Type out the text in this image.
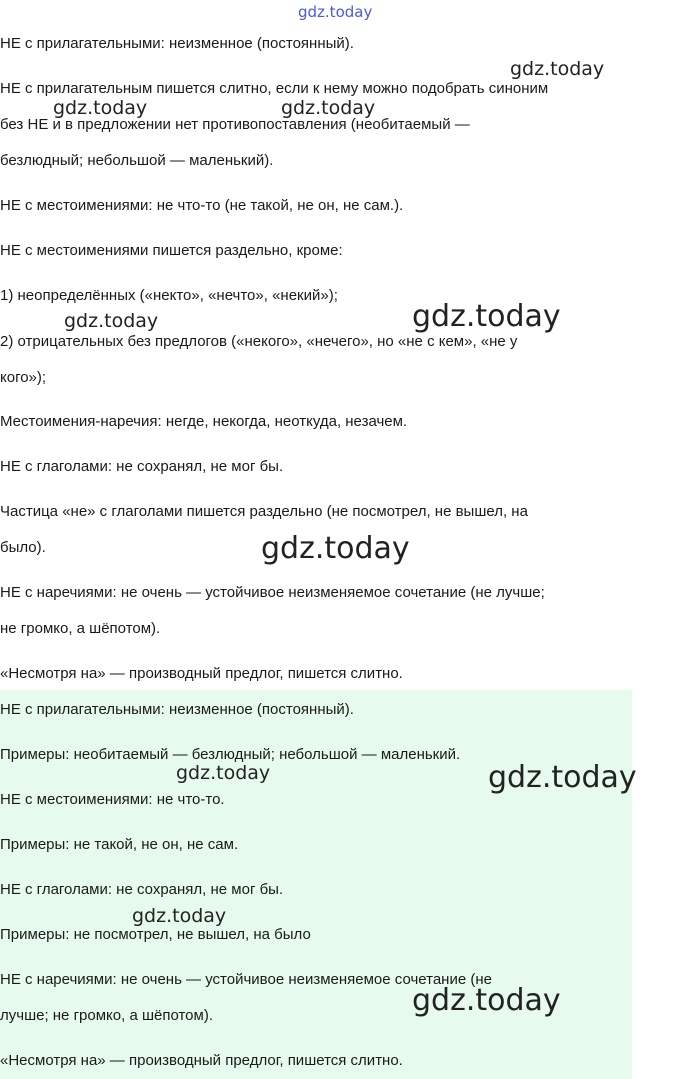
gdz.today
НЕ с прилагательными: неизменное (постоянный).
НЕ с прилагательным пишется слитно, если к нему можно подобрать синоним
без НЕ и в предложении нет противопоставления (необитаемый —
безлюдный; небольшой — маленький).
НЕ с местоимениями: не что-то (не такой, не он, не сам.).
НЕ с местоимениями пишется раздельно, кроме:
1) неопределённых («некто», «нечто», «некий»);
2) отрицательных без предлогов («некого», «нечего», но «не с кем», «не у
кого»);
Местоимения-наречия: негде, некогда, неоткуда, незачем.
НЕ с глаголами: не сохранял, не мог бы.
Частица «не» с глаголами пишется раздельно (не посмотрел, не вышел, на
было).
НЕ с наречиями: не очень — устойчивое неизменяемое сочетание (не лучше;
не громко, а шёпотом).
«Несмотря на» — производный предлог, пишется слитно.
НЕ с прилагательными: неизменное (постоянный).
Примеры: необитаемый — безлюдный; небольшой — маленький.
НЕ с местоимениями: не что-то.
Примеры: не такой, не он, не сам.
НЕ с глаголами: не сохранял, не мог бы.
Примеры: не посмотрел, не вышел, на было
НЕ с наречиями: не очень — устойчивое неизменяемое сочетание (не
лучше; не громко, а шёпотом).
«Несмотря на» — производный предлог, пишется слитно.
gdz.today
gdz.today	gdz.today
gdz.today	gdz.today
gdz.today
gdz.today	gdz.today
gdz.today
gdz.today
